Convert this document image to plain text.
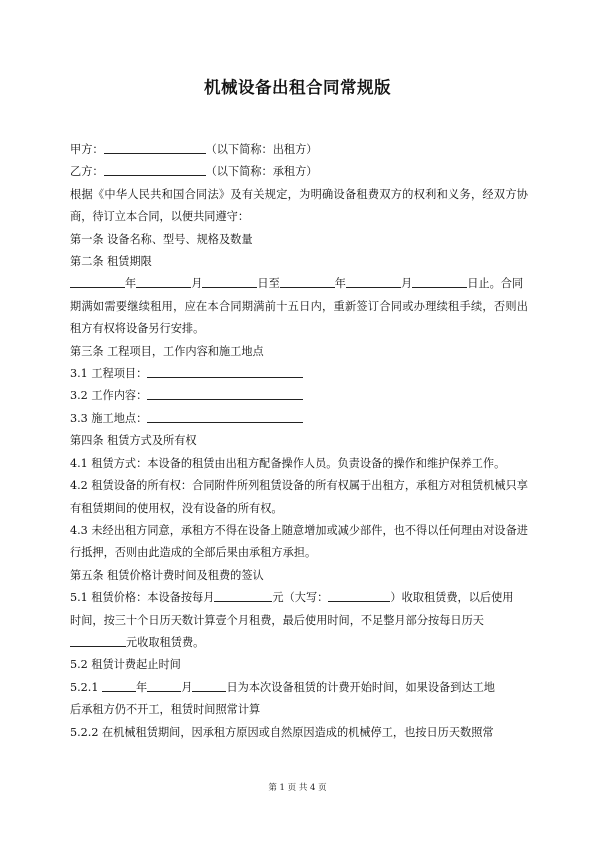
机械设备出租合同常规版

甲方：	（以下简称：出租方）

乙方：	（以下简称：承租方）

根据《中华人民共和国合同法》及有关规定，为明确设备租费双方的权利和义务，经双方协商，待订立本合同，以便共同遵守：

第一条 设备名称、型号、规格及数量

第二条 租赁期限

年	月	日至	年	月	日止。合同

期满如需要继续租用，应在本合同期满前十五日内，重新签订合同或办理续租手续，否则出租方有权将设备另行安排。

第三条 工程项目，工作内容和施工地点

3.1 工程项目：

3.2 工作内容：

3.3 施工地点：

第四条 租赁方式及所有权

4.1 租赁方式：本设备的租赁由出租方配备操作人员。负责设备的操作和维护保养工作。

4.2 租赁设备的所有权：合同附件所列租赁设备的所有权属于出租方，承租方对租赁机械只享有租赁期间的使用权，没有设备的所有权。

4.3 未经出租方同意，承租方不得在设备上随意增加或减少部件，也不得以任何理由对设备进行抵押，否则由此造成的全部后果由承租方承担。

第五条 租赁价格计费时间及租费的签认

5.1 租赁价格：本设备按每月	元（大写：	）收取租赁费，以后使用

时间，按三十个日历天数计算壹个月租费，最后使用时间，不足整月部分按每日历天

元收取租赁费。

5.2 租赁计费起止时间

5.2.1	年	月	日为本次设备租赁的计费开始时间，如果设备到达工地

后承租方仍不开工，租赁时间照常计算

5.2.2 在机械租赁期间，因承租方原因或自然原因造成的机械停工，也按日历天数照常

第 1 页 共 4 页
